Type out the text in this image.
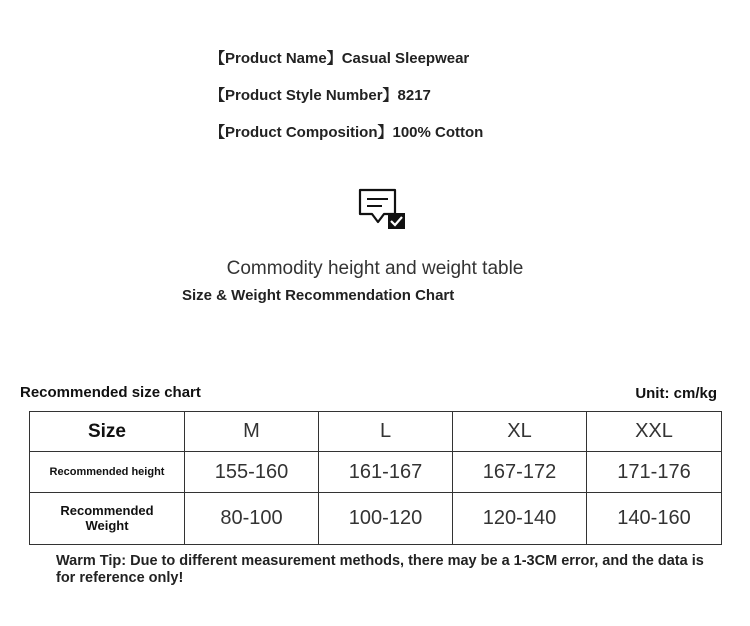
【Product Name】Casual Sleepwear
【Product Style Number】8217
【Product Composition】100% Cotton
Commodity height and weight table
Size & Weight Recommendation Chart
Recommended size chart	Unit: cm/kg
Size	M	L	XL	XXL
Recommended height	155-160	161-167	167-172	171-176
Recommended Weight	80-100	100-120	120-140	140-160
Warm Tip: Due to different measurement methods, there may be a 1-3CM error, and the data is for reference only!
